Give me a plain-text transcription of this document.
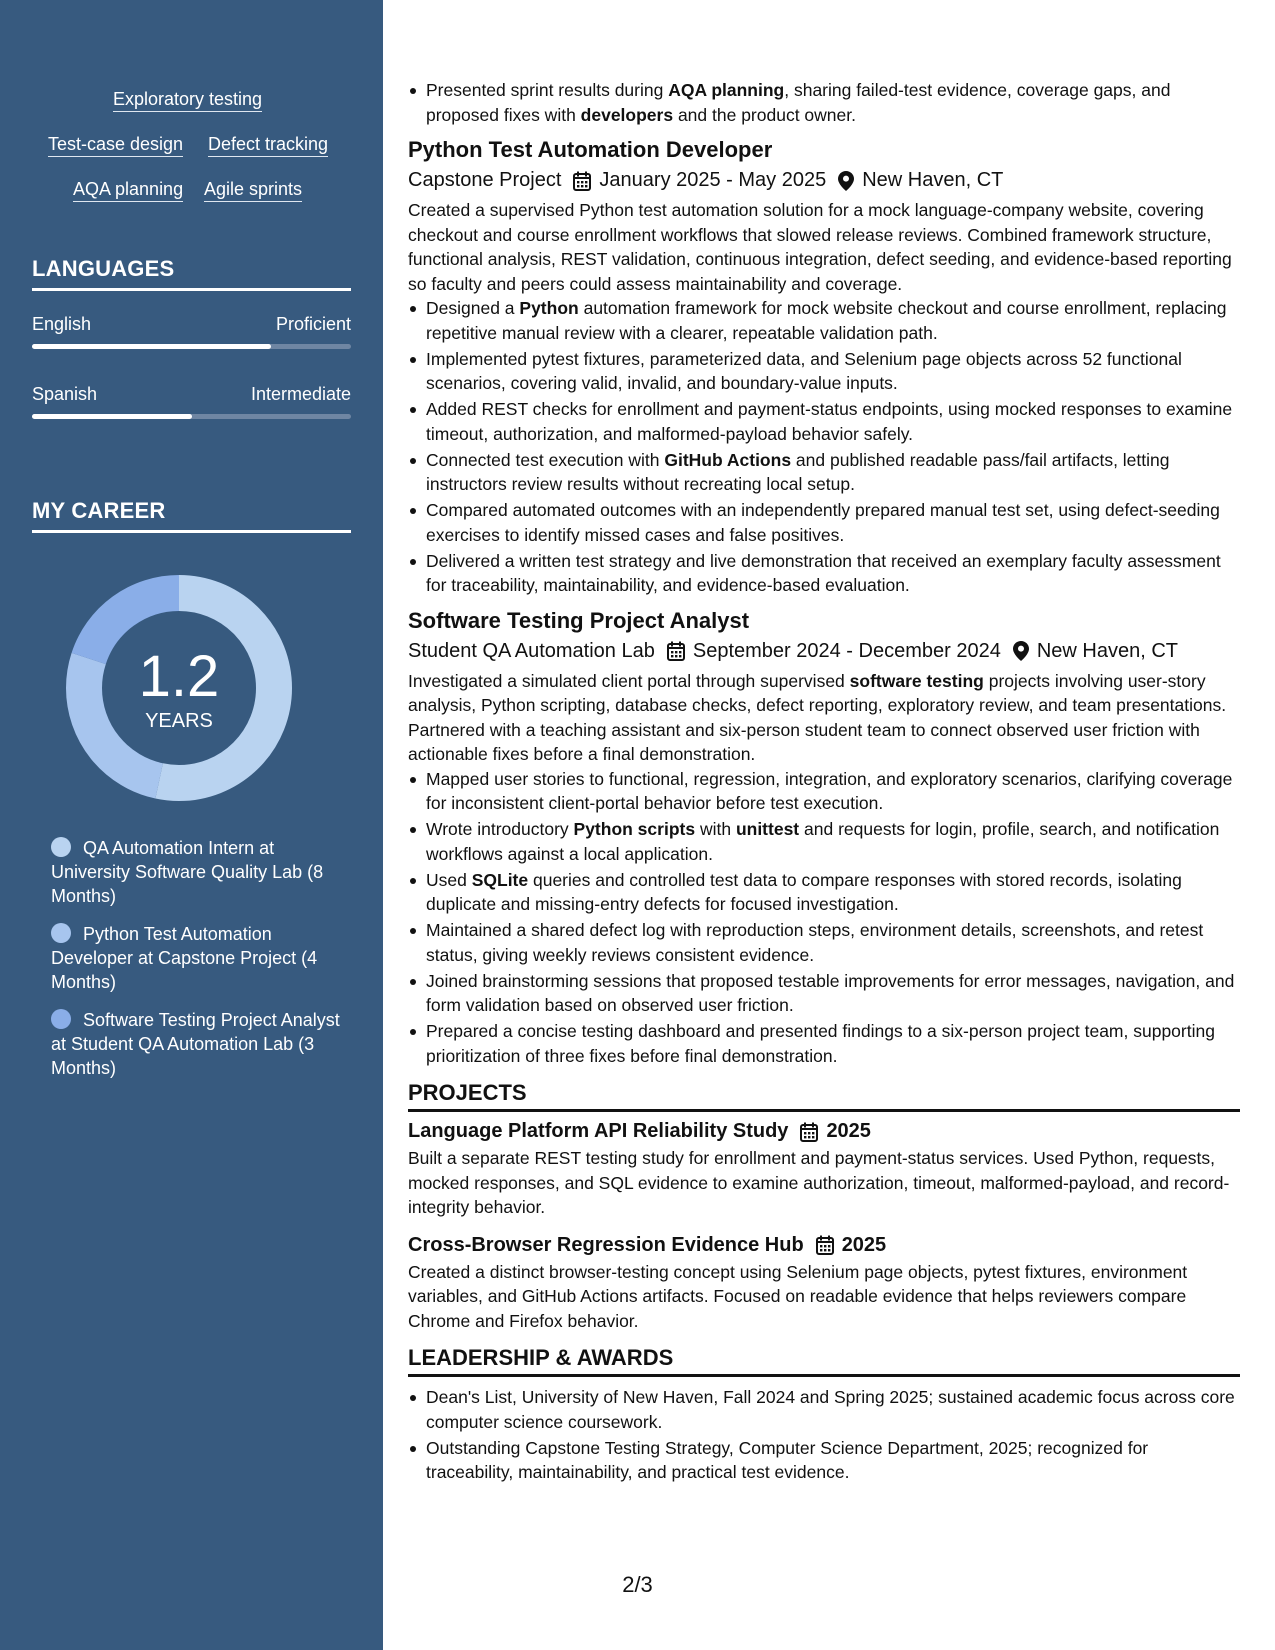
Exploratory testing
Test-case design Defect tracking
AQA planning Agile sprints
LANGUAGES
English	Proficient
Spanish	Intermediate
MY CAREER
1.2
YEARS
QA Automation Intern at University Software Quality Lab (8 Months)
Python Test Automation Developer at Capstone Project (4 Months)
Software Testing Project Analyst at Student QA Automation Lab (3 Months)
Presented sprint results during AQA planning, sharing failed-test evidence, coverage gaps, and proposed fixes with developers and the product owner.
Python Test Automation Developer
Capstone Project January 2025 - May 2025 New Haven, CT
Created a supervised Python test automation solution for a mock language-company website, covering checkout and course enrollment workflows that slowed release reviews. Combined framework structure, functional analysis, REST validation, continuous integration, defect seeding, and evidence-based reporting so faculty and peers could assess maintainability and coverage.
Designed a Python automation framework for mock website checkout and course enrollment, replacing repetitive manual review with a clearer, repeatable validation path.
Implemented pytest fixtures, parameterized data, and Selenium page objects across 52 functional scenarios, covering valid, invalid, and boundary-value inputs.
Added REST checks for enrollment and payment-status endpoints, using mocked responses to examine timeout, authorization, and malformed-payload behavior safely.
Connected test execution with GitHub Actions and published readable pass/fail artifacts, letting instructors review results without recreating local setup.
Compared automated outcomes with an independently prepared manual test set, using defect-seeding exercises to identify missed cases and false positives.
Delivered a written test strategy and live demonstration that received an exemplary faculty assessment for traceability, maintainability, and evidence-based evaluation.
Software Testing Project Analyst
Student QA Automation Lab September 2024 - December 2024 New Haven, CT
Investigated a simulated client portal through supervised software testing projects involving user-story analysis, Python scripting, database checks, defect reporting, exploratory review, and team presentations. Partnered with a teaching assistant and six-person student team to connect observed user friction with actionable fixes before a final demonstration.
Mapped user stories to functional, regression, integration, and exploratory scenarios, clarifying coverage for inconsistent client-portal behavior before test execution.
Wrote introductory Python scripts with unittest and requests for login, profile, search, and notification workflows against a local application.
Used SQLite queries and controlled test data to compare responses with stored records, isolating duplicate and missing-entry defects for focused investigation.
Maintained a shared defect log with reproduction steps, environment details, screenshots, and retest status, giving weekly reviews consistent evidence.
Joined brainstorming sessions that proposed testable improvements for error messages, navigation, and form validation based on observed user friction.
Prepared a concise testing dashboard and presented findings to a six-person project team, supporting prioritization of three fixes before final demonstration.
PROJECTS
Language Platform API Reliability Study 2025
Built a separate REST testing study for enrollment and payment-status services. Used Python, requests, mocked responses, and SQL evidence to examine authorization, timeout, malformed-payload, and record-integrity behavior.
Cross-Browser Regression Evidence Hub 2025
Created a distinct browser-testing concept using Selenium page objects, pytest fixtures, environment variables, and GitHub Actions artifacts. Focused on readable evidence that helps reviewers compare Chrome and Firefox behavior.
LEADERSHIP & AWARDS
Dean's List, University of New Haven, Fall 2024 and Spring 2025; sustained academic focus across core computer science coursework.
Outstanding Capstone Testing Strategy, Computer Science Department, 2025; recognized for traceability, maintainability, and practical test evidence.
2/3
